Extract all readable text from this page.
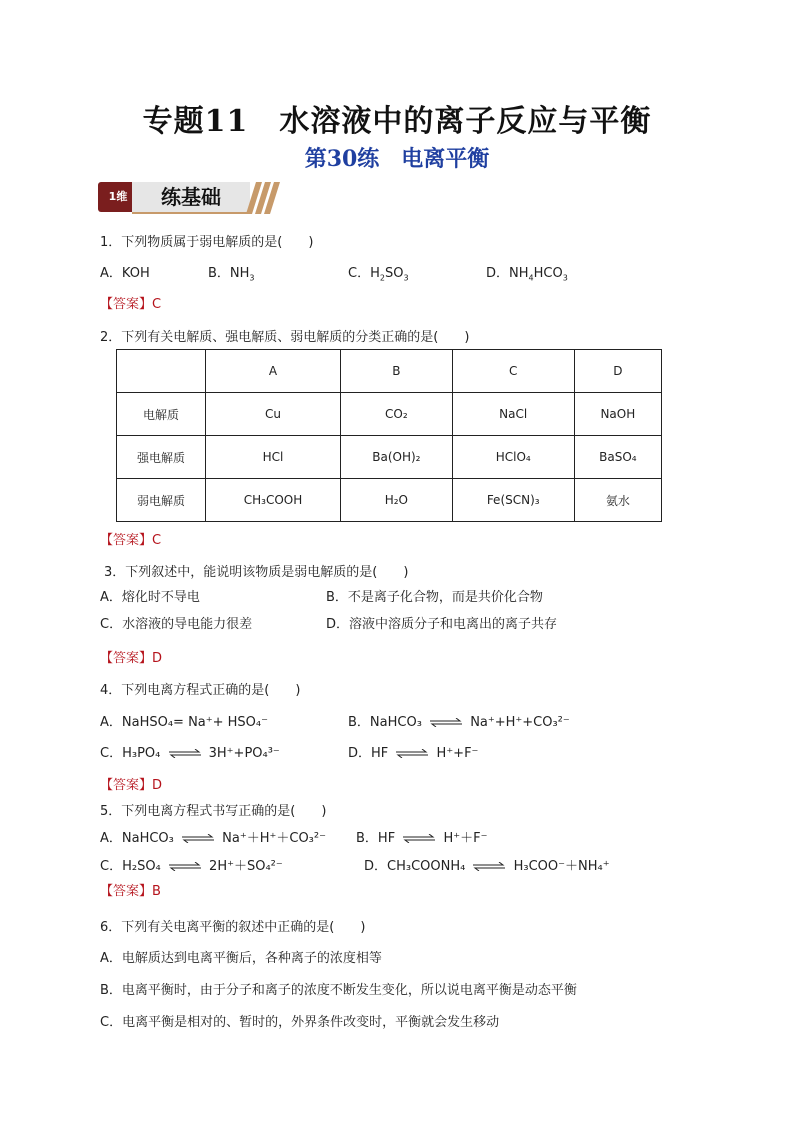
专题11　水溶液中的离子反应与平衡
第30练　电离平衡
1维	练基础
1．下列物质属于弱电解质的是(　　)
A．KOH	B．$NH_3$	C．$H_2SO_3$	D．$NH_4HCO_3$
【答案】C
2．下列有关电解质、强电解质、弱电解质的分类正确的是(　　)
	A	B	C	D
电解质	Cu	CO₂	NaCl	NaOH
强电解质	HCl	Ba(OH)₂	HClO₄	BaSO₄
弱电解质	CH₃COOH	H₂O	Fe(SCN)₃	氨水
【答案】C
3．下列叙述中，能说明该物质是弱电解质的是(　　)
A．熔化时不导电	B．不是离子化合物，而是共价化合物
C．水溶液的导电能力很差	D．溶液中溶质分子和电离出的离子共存
【答案】D
4．下列电离方程式正确的是(　　)
A．NaHSO₄= Na⁺+ HSO₄⁻	B．NaHCO₃ ⇌ Na⁺+H⁺+CO₃²⁻
C．H₃PO₄ ⇌ 3H⁺+PO₄³⁻	D．HF ⇌ H⁺+F⁻
【答案】D
5．下列电离方程式书写正确的是(　　)
A．NaHCO₃ ⇌ Na⁺＋H⁺＋CO₃²⁻ B．HF ⇌ H⁺＋F⁻
C．H₂SO₄ ⇌ 2H⁺＋SO₄²⁻	D．CH₃COONH₄ ⇌ H₃COO⁻＋NH₄⁺
【答案】B
6．下列有关电离平衡的叙述中正确的是(　　)
A．电解质达到电离平衡后，各种离子的浓度相等
B．电离平衡时，由于分子和离子的浓度不断发生变化，所以说电离平衡是动态平衡
C．电离平衡是相对的、暂时的，外界条件改变时，平衡就会发生移动
